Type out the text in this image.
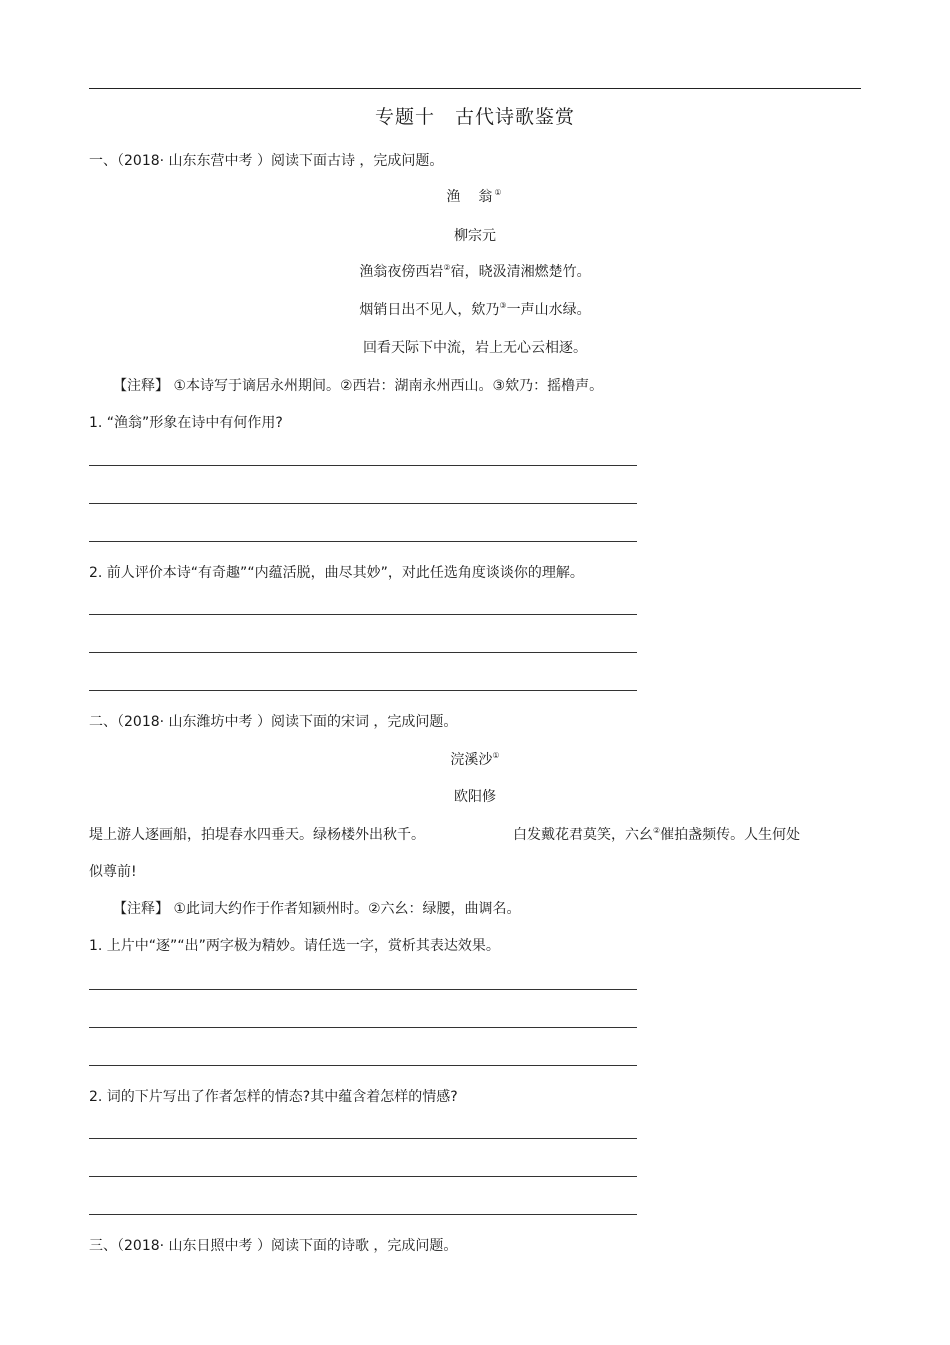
专题十　古代诗歌鉴赏
一、（2018· 山东东营中考 ）阅读下面古诗 ，完成问题。
渔　翁①
柳宗元
渔翁夜傍西岩②宿，晓汲清湘燃楚竹。
烟销日出不见人，欸乃③一声山水绿。
回看天际下中流，岩上无心云相逐。
【注释】 ①本诗写于谪居永州期间。②西岩：湖南永州西山。③欸乃：摇橹声。
1. “渔翁”形象在诗中有何作用?
2. 前人评价本诗“有奇趣”“内蕴活脱，曲尽其妙”，对此任选角度谈谈你的理解。
二、（2018· 山东潍坊中考 ）阅读下面的宋词 ，完成问题。
浣溪沙①
欧阳修
堤上游人逐画船，拍堤春水四垂天。绿杨楼外出秋千。	白发戴花君莫笑，六幺②催拍盏频传。人生何处
似尊前!
【注释】 ①此词大约作于作者知颍州时。②六幺：绿腰，曲调名。
1. 上片中“逐”“出”两字极为精妙。请任选一字，赏析其表达效果。
2. 词的下片写出了作者怎样的情态?其中蕴含着怎样的情感?
三、（2018· 山东日照中考 ）阅读下面的诗歌 ，完成问题。
